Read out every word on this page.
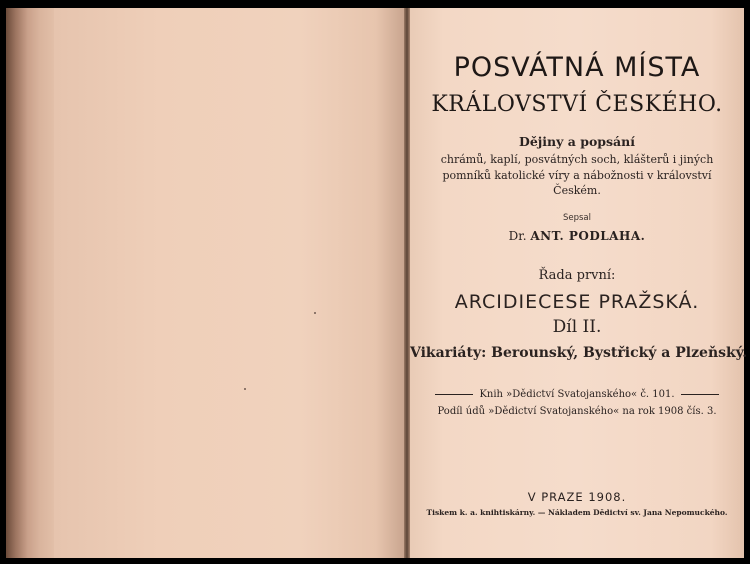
POSVÁTNÁ MÍSTA
KRÁLOVSTVÍ ČESKÉHO.
Dějiny a popsání
chrámů, kaplí, posvátných soch, klášterů i jiných
pomníků katolické víry a nábožnosti v království
Českém.
Sepsal
Dr. ANT. PODLAHA.
Řada první:
ARCIDIECESE PRAŽSKÁ.
Díl II.
Vikariáty: Berounský, Bystřický a Plzeňský.
Knih »Dědictví Svatojanského« č. 101.
Podíl údů »Dědictví Svatojanského« na rok 1908 čís. 3.
V PRAZE 1908.
Tiskem k. a. knihtiskárny. — Nákladem Dědictví sv. Jana Nepomuckého.
